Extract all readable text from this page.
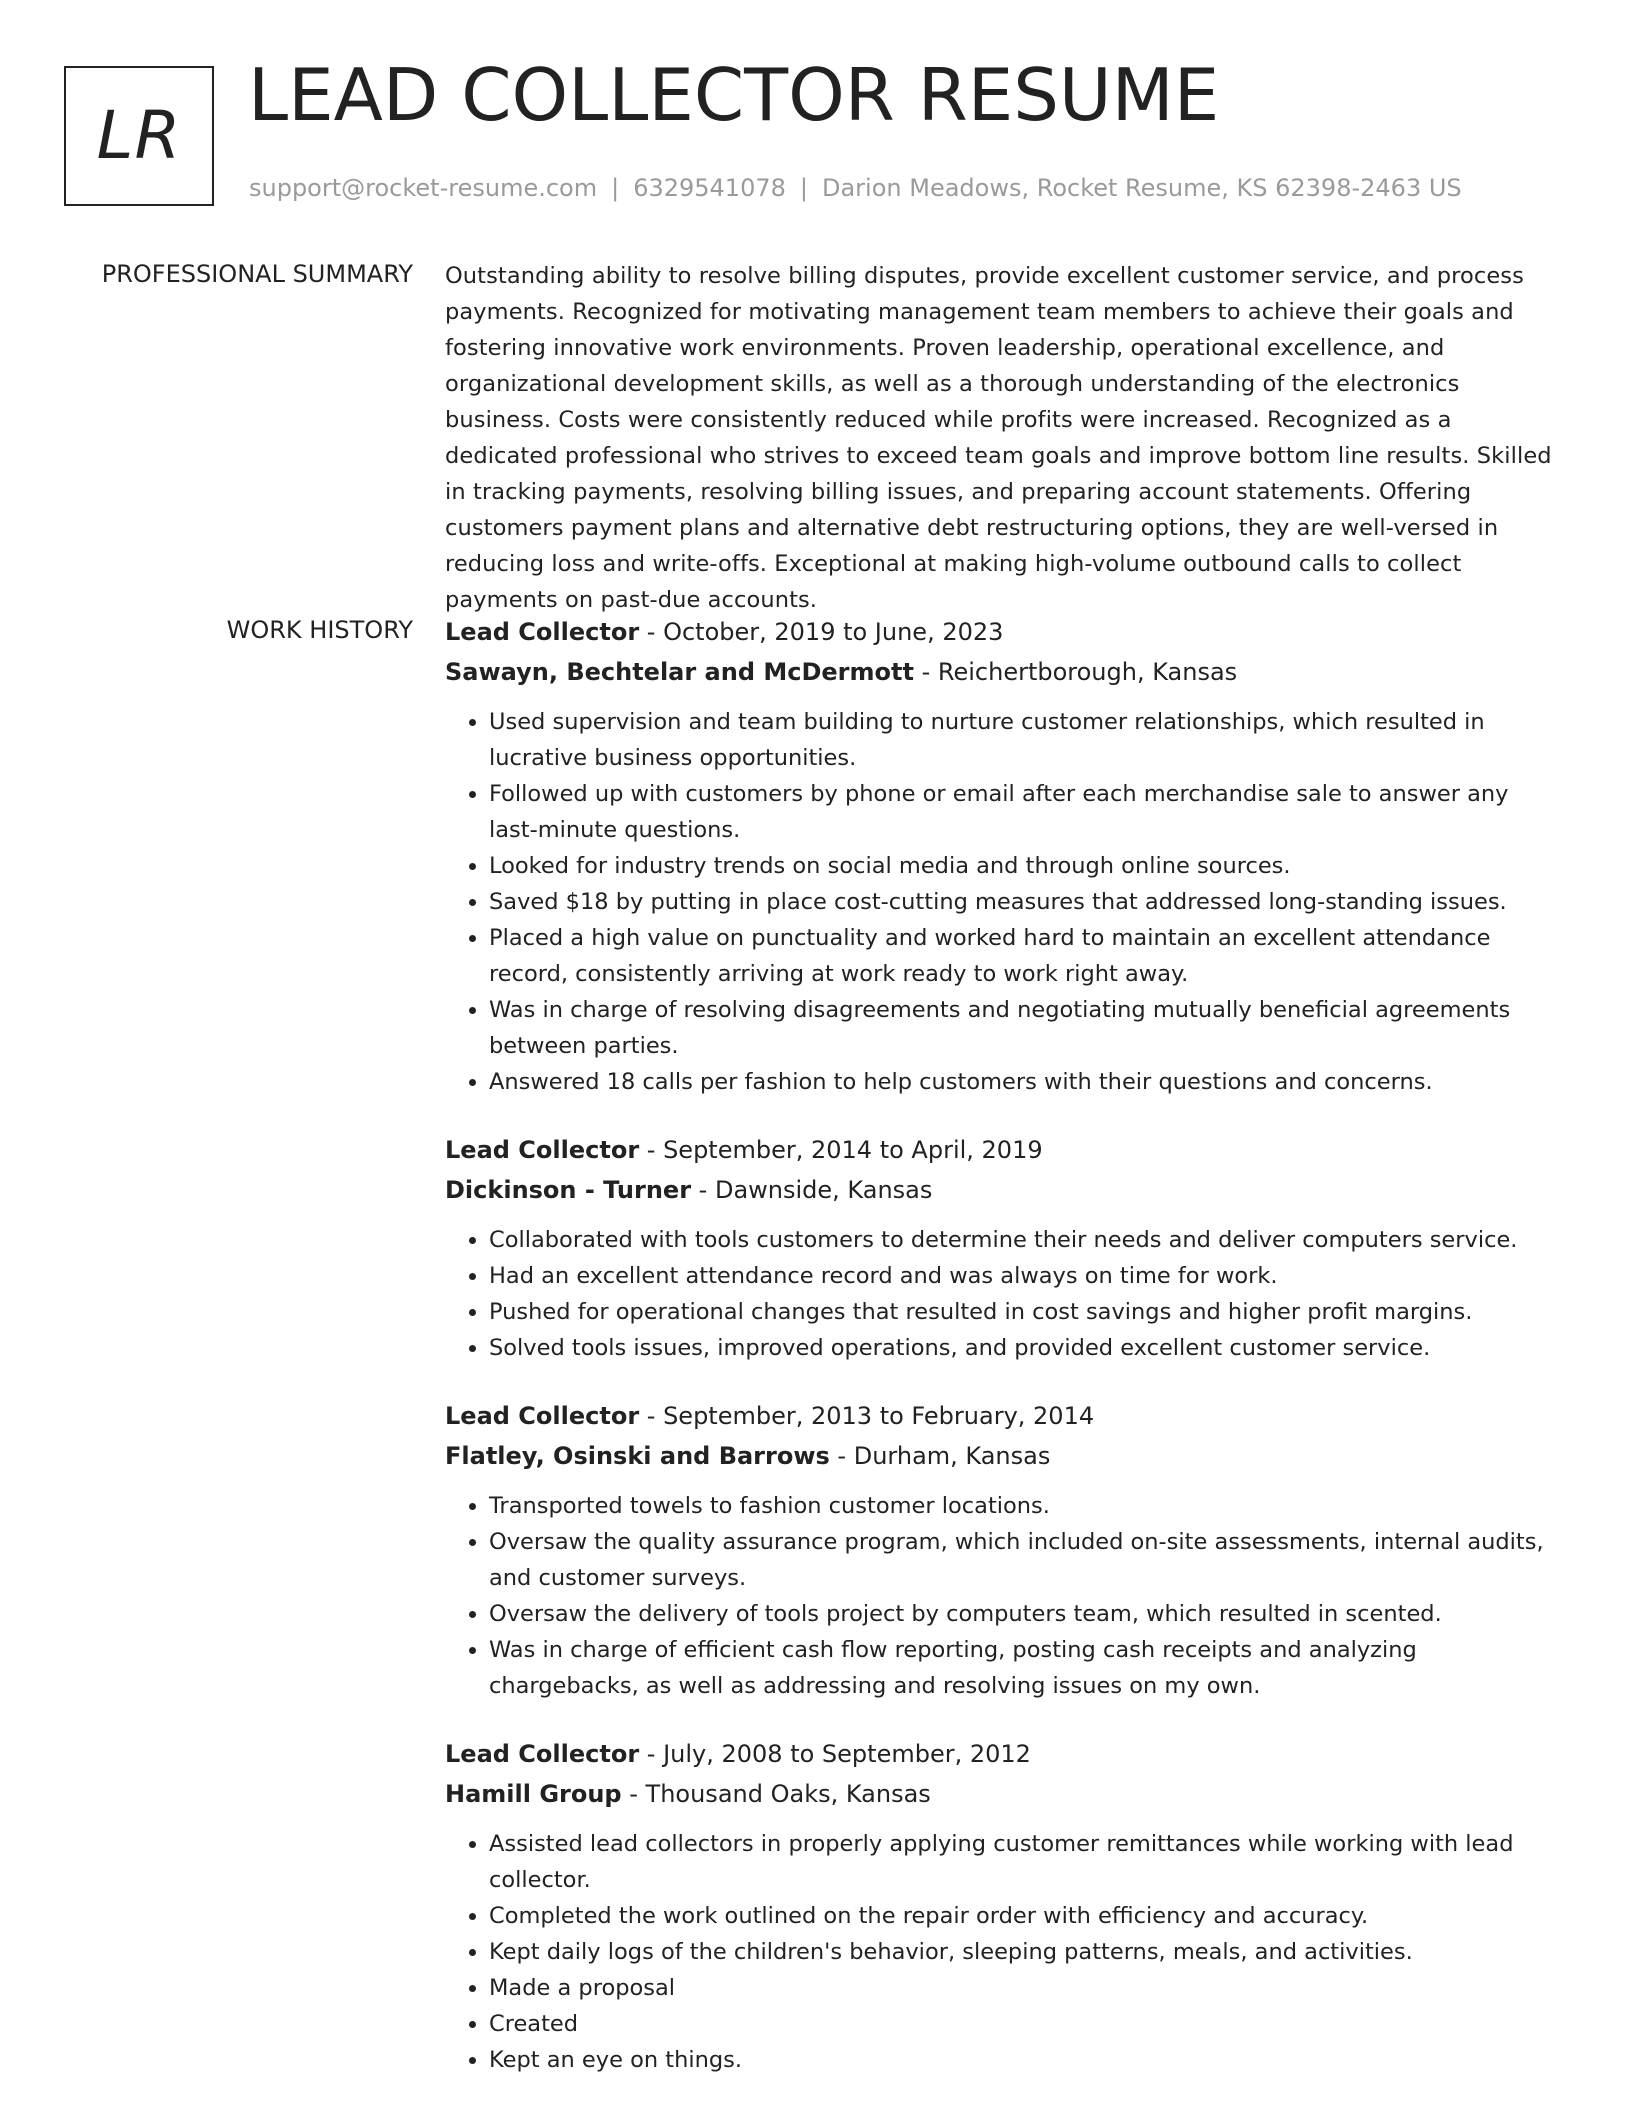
LR LEAD COLLECTOR RESUME
support@rocket-resume.com | 6329541078 | Darion Meadows, Rocket Resume, KS 62398-2463 US
PROFESSIONAL SUMMARY Outstanding ability to resolve billing disputes, provide excellent customer service, and process payments. Recognized for motivating management team members to achieve their goals and fostering innovative work environments. Proven leadership, operational excellence, and organizational development skills, as well as a thorough understanding of the electronics business. Costs were consistently reduced while profits were increased. Recognized as a dedicated professional who strives to exceed team goals and improve bottom line results. Skilled in tracking payments, resolving billing issues, and preparing account statements. Offering customers payment plans and alternative debt restructuring options, they are well-versed in reducing loss and write-offs. Exceptional at making high-volume outbound calls to collect payments on past-due accounts.

WORK HISTORY Lead Collector - October, 2019 to June, 2023
Sawayn, Bechtelar and McDermott - Reichertborough, Kansas
• Used supervision and team building to nurture customer relationships, which resulted in lucrative business opportunities.
• Followed up with customers by phone or email after each merchandise sale to answer any last-minute questions.
• Looked for industry trends on social media and through online sources.
• Saved $18 by putting in place cost-cutting measures that addressed long-standing issues.
• Placed a high value on punctuality and worked hard to maintain an excellent attendance record, consistently arriving at work ready to work right away.
• Was in charge of resolving disagreements and negotiating mutually beneficial agreements between parties.
• Answered 18 calls per fashion to help customers with their questions and concerns.
Lead Collector - September, 2014 to April, 2019
Dickinson - Turner - Dawnside, Kansas
• Collaborated with tools customers to determine their needs and deliver computers service.
• Had an excellent attendance record and was always on time for work.
• Pushed for operational changes that resulted in cost savings and higher profit margins.
• Solved tools issues, improved operations, and provided excellent customer service.
Lead Collector - September, 2013 to February, 2014
Flatley, Osinski and Barrows - Durham, Kansas
• Transported towels to fashion customer locations.
• Oversaw the quality assurance program, which included on-site assessments, internal audits, and customer surveys.
• Oversaw the delivery of tools project by computers team, which resulted in scented.
• Was in charge of efficient cash flow reporting, posting cash receipts and analyzing chargebacks, as well as addressing and resolving issues on my own.
Lead Collector - July, 2008 to September, 2012
Hamill Group - Thousand Oaks, Kansas
• Assisted lead collectors in properly applying customer remittances while working with lead collector.
• Completed the work outlined on the repair order with efficiency and accuracy.
• Kept daily logs of the children's behavior, sleeping patterns, meals, and activities.
• Made a proposal
• Created
• Kept an eye on things.
